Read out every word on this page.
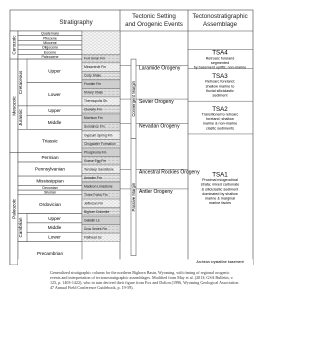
Stratigraphy
Tectonic Setting
and Orogenic Events
Tectonostratigraphic
Assemblage
Cenozoic
Mesozoic
Paleozoic
Quaternary
Pliocene
Miocene
Oligocene
Eocene
Paleocene
Cretaceous
Jurassic
Triassic
Permian
Pennsylvanian
Mississippian
Devonian
Silurian
Ordovician
Cambrian
Precambrian
Upper
Lower
Upper
Middle
Upper
Middle
Lower
Fort Union Fm
Mesaverde Fm
Cody Shale
Frontier Fm
Mowry Shale
Thermopolis Sh.
Cloverly Fm
Morrison Fm
Sundance Fm
Gypsum Spring Fm
Chugwater Formation
Phosphoria Fm
Goose Egg Fm
Tensleep Sandstone
Amsden Fm
Madison Limestone
Three Forks Fm
Jefferson Fm
Bighorn Dolomite
Gallatin Ls
Gros Ventre Fm
Flathead Ss
Archean crystalline basement
Laramide Orogeny
Sevier Orogeny
Nevadan Orogeny
Ancestral Rockies Orogeny
Antler Orogeny
Convergent Margin
Passive Margin
TSA4
Retroarc foreland
segmented
by basement uplifts; non-marine
TSA3
Retroarc foreland;
shallow marine to
fluvial siliciclastic
sediment
TSA2
Transitional to retroarc
foreland; shallow
marine & non-marine
clastic sediments
TSA1
Proximal miogeoclinal
strata; mixed carbonate
& siliciclastic sediment
dominated by shallow
marine & marginal
marine facies
Generalized stratigraphic column for the northern Bighorn Basin, Wyoming, with timing of regional orogenic events and interpretation of tectonostratigraphic assemblages. Modified from May et al. (2013; GSA Bulletin, v. 125, p. 1403-1422), who in turn derived their figure from Fox and Dolton (1996, Wyoming Geological Association 47 Annual Field Conference Guidebook, p. 19-59).
